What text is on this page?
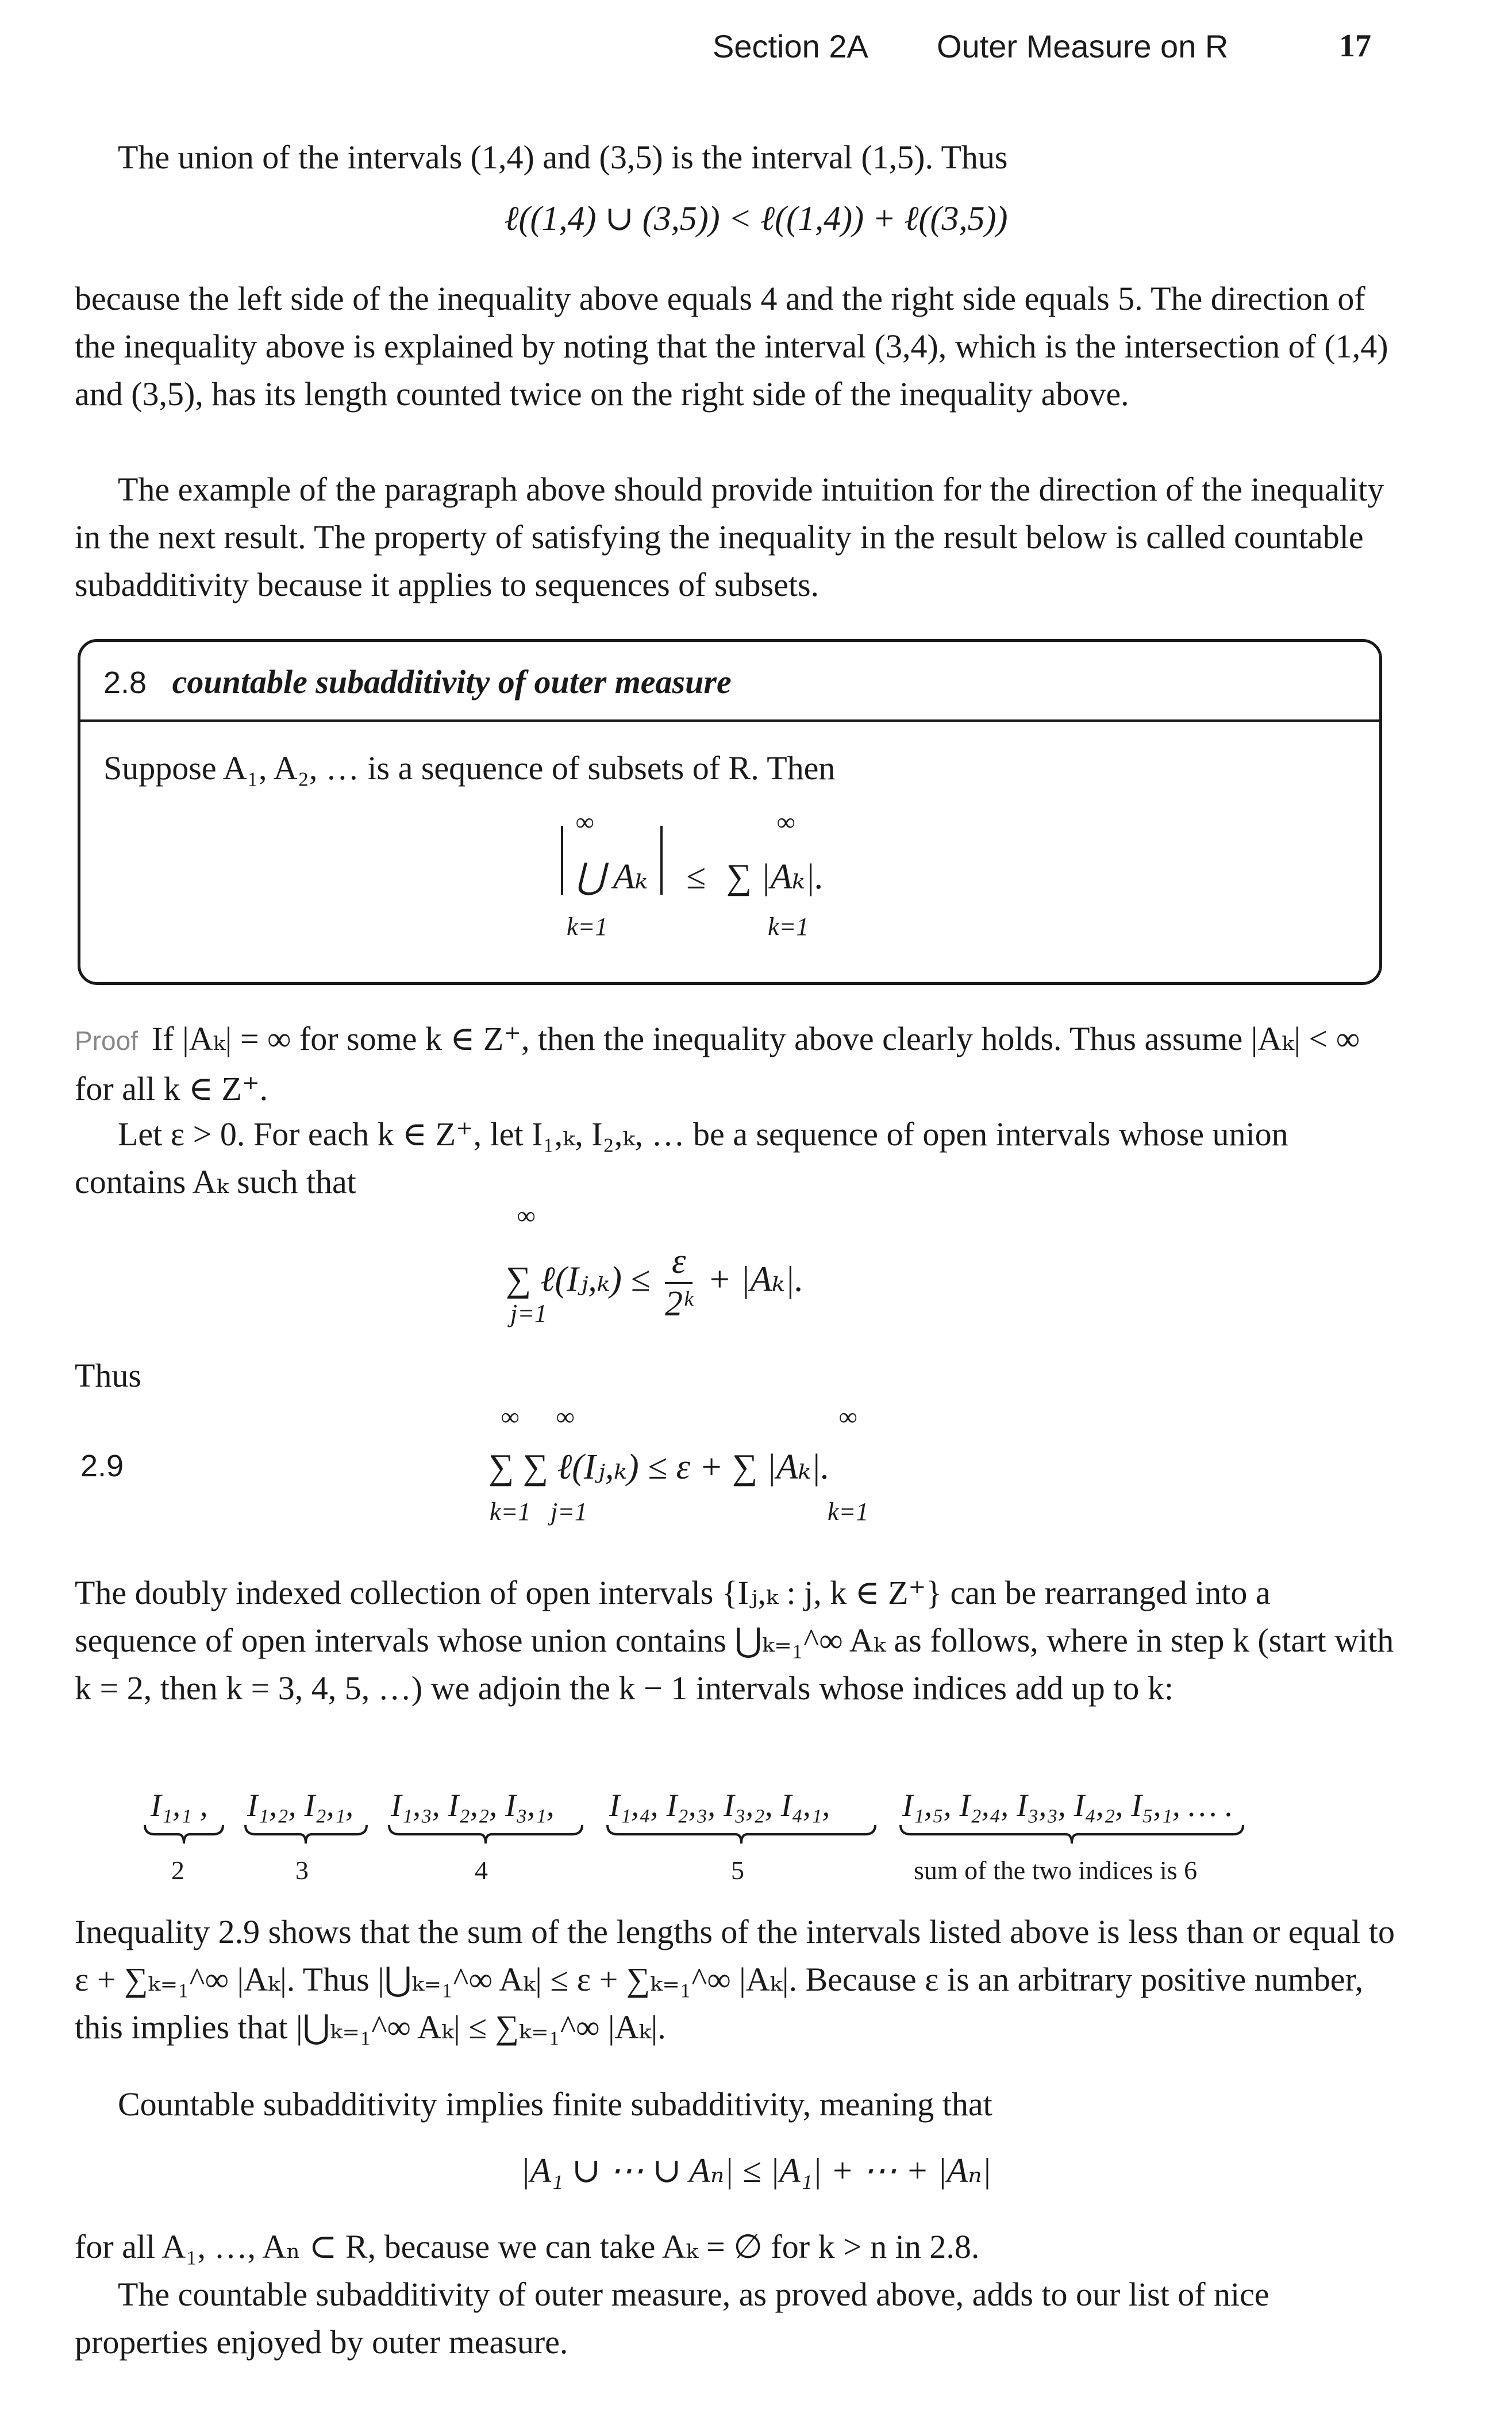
Section 2A Outer Measure on R	17

The union of the intervals (1,4) and (3,5) is the interval (1,5). Thus

ℓ((1,4) ∪ (3,5)) < ℓ((1,4)) + ℓ((3,5))

because the left side of the inequality above equals 4 and the right side equals 5. The direction of the inequality above is explained by noting that the interval (3,4), which is the intersection of (1,4) and (3,5), has its length counted twice on the right side of the inequality above.

The example of the paragraph above should provide intuition for the direction of the inequality in the next result. The property of satisfying the inequality in the result below is called countable subadditivity because it applies to sequences of subsets.

2.8 countable subadditivity of outer measure
Suppose A₁, A₂, … is a sequence of subsets of R. Then
⋃ Aₖ ≤ ∑ |Aₖ|.
∞
k=1
∞
k=1

Proof If |Aₖ| = ∞ for some k ∈ Z⁺, then the inequality above clearly holds. Thus assume |Aₖ| < ∞ for all k ∈ Z⁺.

Let ε > 0. For each k ∈ Z⁺, let I₁,ₖ, I₂,ₖ, … be a sequence of open intervals whose union contains Aₖ such that

∑ ℓ(Iⱼ,ₖ) ≤ $\frac{\varepsilon}{\text{2ᵏ}} + |A_k|$.
∞
j=1

Thus

2.9	∑ ∑ ℓ(Iⱼ,ₖ) ≤ ε + ∑ |Aₖ|.
∞ ∞	∞
k=1 j=1	k=1

The doubly indexed collection of open intervals {Iⱼ,ₖ : j, k ∈ Z⁺} can be rearranged into a sequence of open intervals whose union contains ⋃ₖ₌₁^∞ Aₖ as follows, where in step k (start with k = 2, then k = 3, 4, 5, …) we adjoin the k − 1 intervals whose indices add up to k:

I₁,₁ , I₁,₂, I₂,₁, I₁,₃, I₂,₂, I₃,₁, I₁,₄, I₂,₃, I₃,₂, I₄,₁, I₁,₅, I₂,₄, I₃,₃, I₄,₂, I₅,₁, … .
2	3	4	5	sum of the two indices is 6

Inequality 2.9 shows that the sum of the lengths of the intervals listed above is less than or equal to ε + ∑ₖ₌₁^∞ |Aₖ|. Thus |⋃ₖ₌₁^∞ Aₖ| ≤ ε + ∑ₖ₌₁^∞ |Aₖ|. Because ε is an arbitrary positive number, this implies that |⋃ₖ₌₁^∞ Aₖ| ≤ ∑ₖ₌₁^∞ |Aₖ|.

Countable subadditivity implies finite subadditivity, meaning that

|A₁ ∪ ⋯ ∪ Aₙ| ≤ |A₁| + ⋯ + |Aₙ|

for all A₁, …, Aₙ ⊂ R, because we can take Aₖ = ∅ for k > n in 2.8.

The countable subadditivity of outer measure, as proved above, adds to our list of nice properties enjoyed by outer measure.
